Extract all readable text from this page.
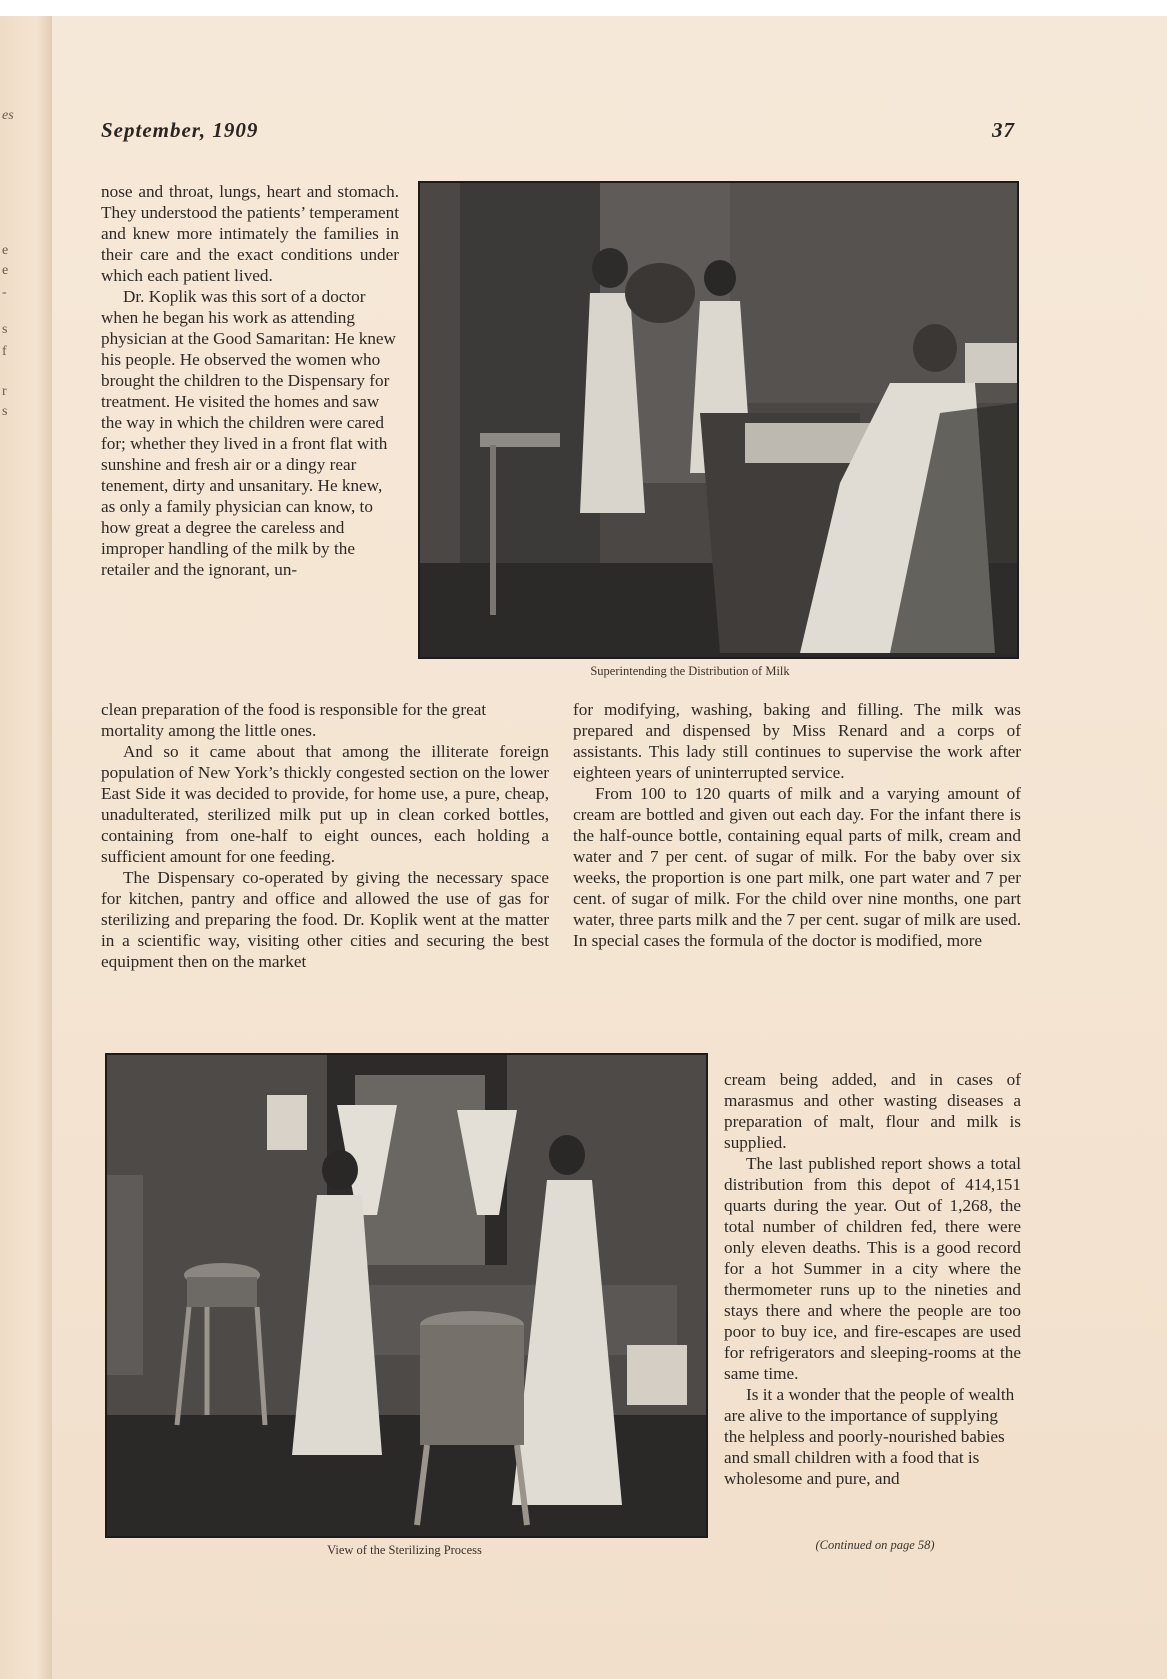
es
e
e
-
s
f
r
s
September, 1909	37

nose and throat, lungs, heart and stomach. They understood the patients’ temperament and knew more intimately the families in their care and the exact conditions under which each patient lived.

Dr. Koplik was this sort of a doctor when he began his work as attending physician at the Good Samaritan: He knew his people. He observed the women who brought the children to the Dispensary for treatment. He visited the homes and saw the way in which the children were cared for; whether they lived in a front flat with sunshine and fresh air or a dingy rear tenement, dirty and unsanitary. He knew, as only a family physician can know, to how great a degree the careless and improper handling of the milk by the retailer and the ignorant, un-

Superintending the Distribution of Milk

clean preparation of the food is responsible for the great mortality among the little ones.

And so it came about that among the illiterate foreign population of New York’s thickly congested section on the lower East Side it was decided to provide, for home use, a pure, cheap, unadulterated, sterilized milk put up in clean corked bottles, containing from one-half to eight ounces, each holding a sufficient amount for one feeding.

The Dispensary co-operated by giving the necessary space for kitchen, pantry and office and allowed the use of gas for sterilizing and preparing the food. Dr. Koplik went at the matter in a scientific way, visiting other cities and securing the best equipment then on the market

for modifying, washing, baking and filling. The milk was prepared and dispensed by Miss Renard and a corps of assistants. This lady still continues to supervise the work after eighteen years of uninterrupted service.

From 100 to 120 quarts of milk and a varying amount of cream are bottled and given out each day. For the infant there is the half-ounce bottle, containing equal parts of milk, cream and water and 7 per cent. of sugar of milk. For the baby over six weeks, the proportion is one part milk, one part water and 7 per cent. of sugar of milk. For the child over nine months, one part water, three parts milk and the 7 per cent. sugar of milk are used. In special cases the formula of the doctor is modified, more

View of the Sterilizing Process

cream being added, and in cases of marasmus and other wasting diseases a preparation of malt, flour and milk is supplied.

The last published report shows a total distribution from this depot of 414,151 quarts during the year. Out of 1,268, the total number of children fed, there were only eleven deaths. This is a good record for a hot Summer in a city where the thermometer runs up to the nineties and stays there and where the people are too poor to buy ice, and fire-escapes are used for refrigerators and sleeping-rooms at the same time.

Is it a wonder that the people of wealth are alive to the importance of supplying the helpless and poorly-nourished babies and small children with a food that is wholesome and pure, and

(Continued on page 58)
